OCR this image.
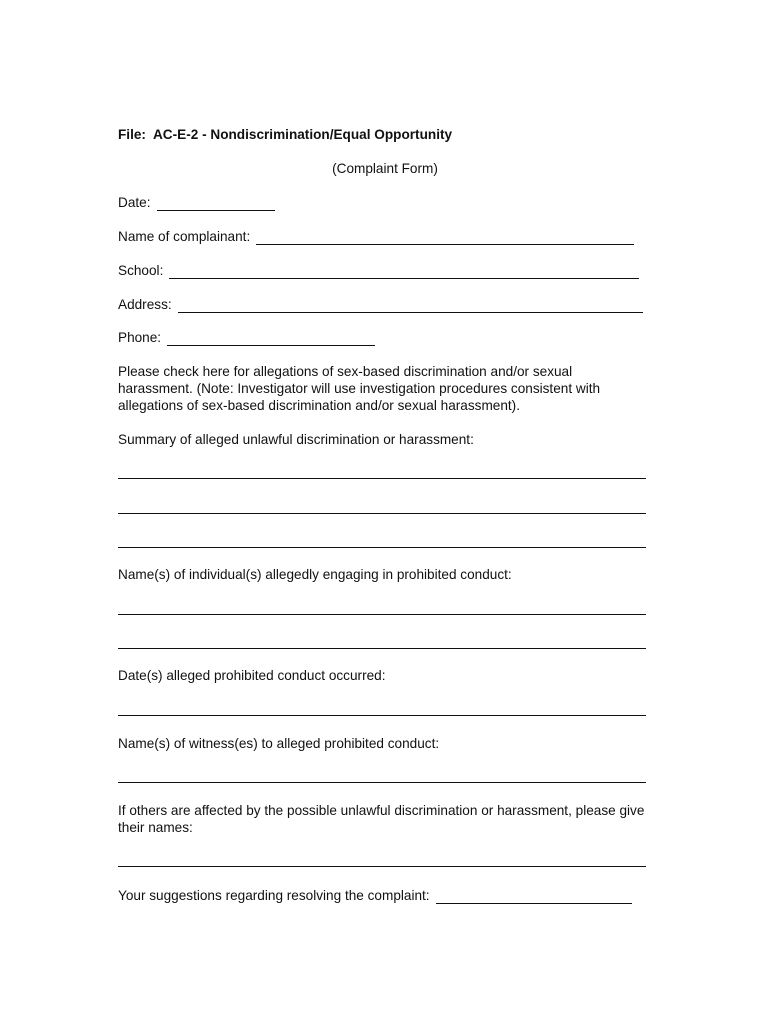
File:  AC-E-2 - Nondiscrimination/Equal Opportunity
(Complaint Form)
Date:
Name of complainant:
School:
Address:
Phone:
Please check here for allegations of sex-based discrimination and/or sexual harassment. (Note: Investigator will use investigation procedures consistent with allegations of sex-based discrimination and/or sexual harassment).
Summary of alleged unlawful discrimination or harassment:
Name(s) of individual(s) allegedly engaging in prohibited conduct:
Date(s) alleged prohibited conduct occurred:
Name(s) of witness(es) to alleged prohibited conduct:
If others are affected by the possible unlawful discrimination or harassment, please give their names:
Your suggestions regarding resolving the complaint:
